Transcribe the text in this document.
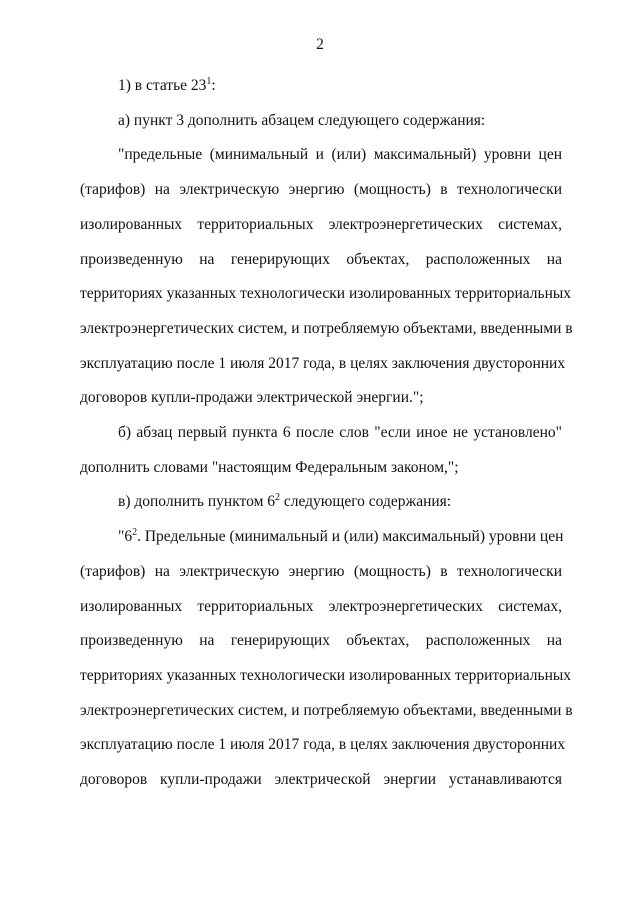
2

1) в статье $23^1$:

а) пункт 3 дополнить абзацем следующего содержания:

"предельные (минимальный и (или) максимальный) уровни цен
(тарифов) на электрическую энергию (мощность) в технологически
изолированных территориальных электроэнергетических системах,
произведенную на генерирующих объектах, расположенных на
территориях указанных технологически изолированных территориальных
электроэнергетических систем, и потребляемую объектами, введенными в
эксплуатацию после 1 июля 2017 года, в целях заключения двусторонних
договоров купли-продажи электрической энергии.";

б) абзац первый пункта 6 после слов "если иное не установлено"
дополнить словами "настоящим Федеральным законом,";

в) дополнить пунктом $6^2$ следующего содержания:

"$6^2$. Предельные (минимальный и (или) максимальный) уровни цен
(тарифов) на электрическую энергию (мощность) в технологически
изолированных территориальных электроэнергетических системах,
произведенную на генерирующих объектах, расположенных на
территориях указанных технологически изолированных территориальных
электроэнергетических систем, и потребляемую объектами, введенными в
эксплуатацию после 1 июля 2017 года, в целях заключения двусторонних
договоров купли-продажи электрической энергии устанавливаются
